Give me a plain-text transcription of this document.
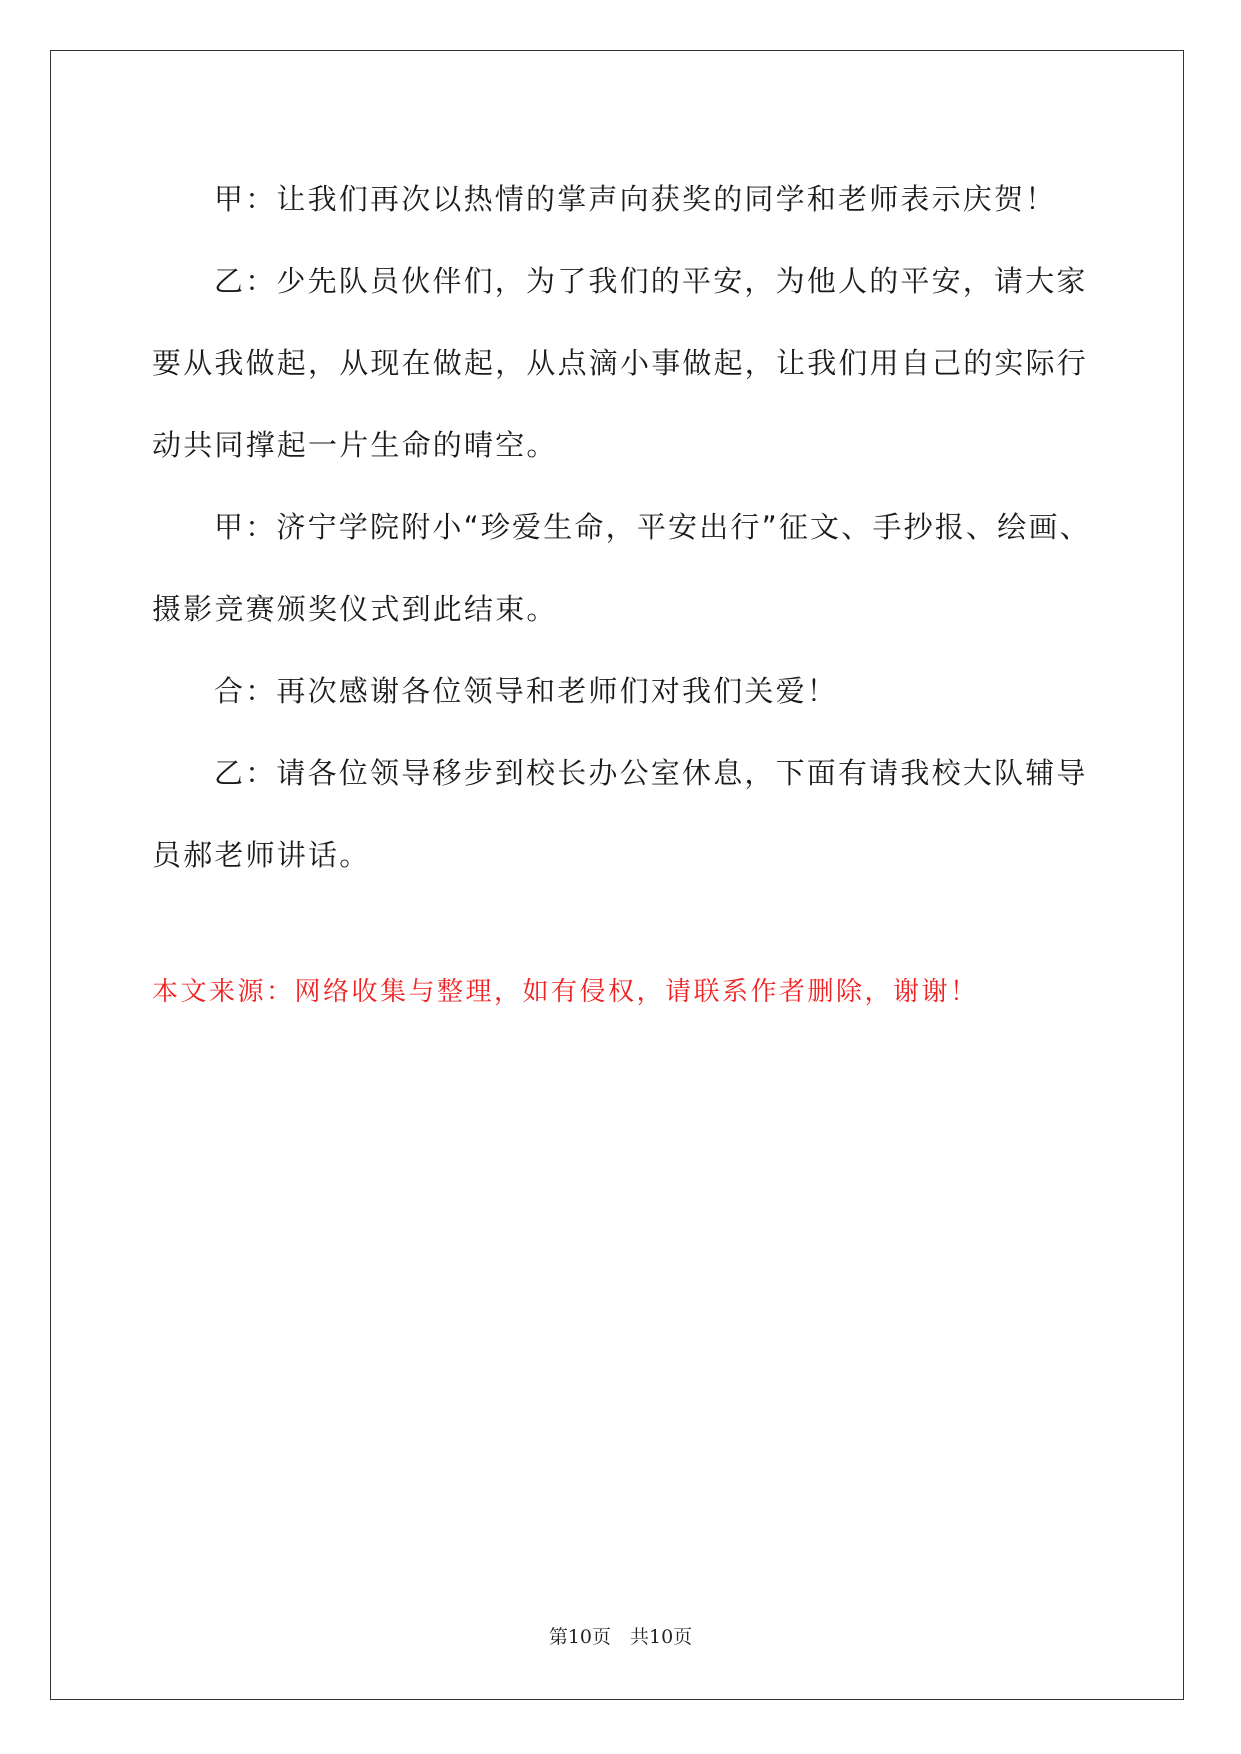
甲：让我们再次以热情的掌声向获奖的同学和老师表示庆贺！

乙：少先队员伙伴们，为了我们的平安，为他人的平安，请大家要从我做起，从现在做起，从点滴小事做起，让我们用自己的实际行动共同撑起一片生命的晴空。

甲：济宁学院附小“珍爱生命，平安出行”征文、手抄报、绘画、摄影竞赛颁奖仪式到此结束。

合：再次感谢各位领导和老师们对我们关爱！

乙：请各位领导移步到校长办公室休息，下面有请我校大队辅导员郝老师讲话。

本文来源：网络收集与整理，如有侵权，请联系作者删除，谢谢！
第10页　共10页
